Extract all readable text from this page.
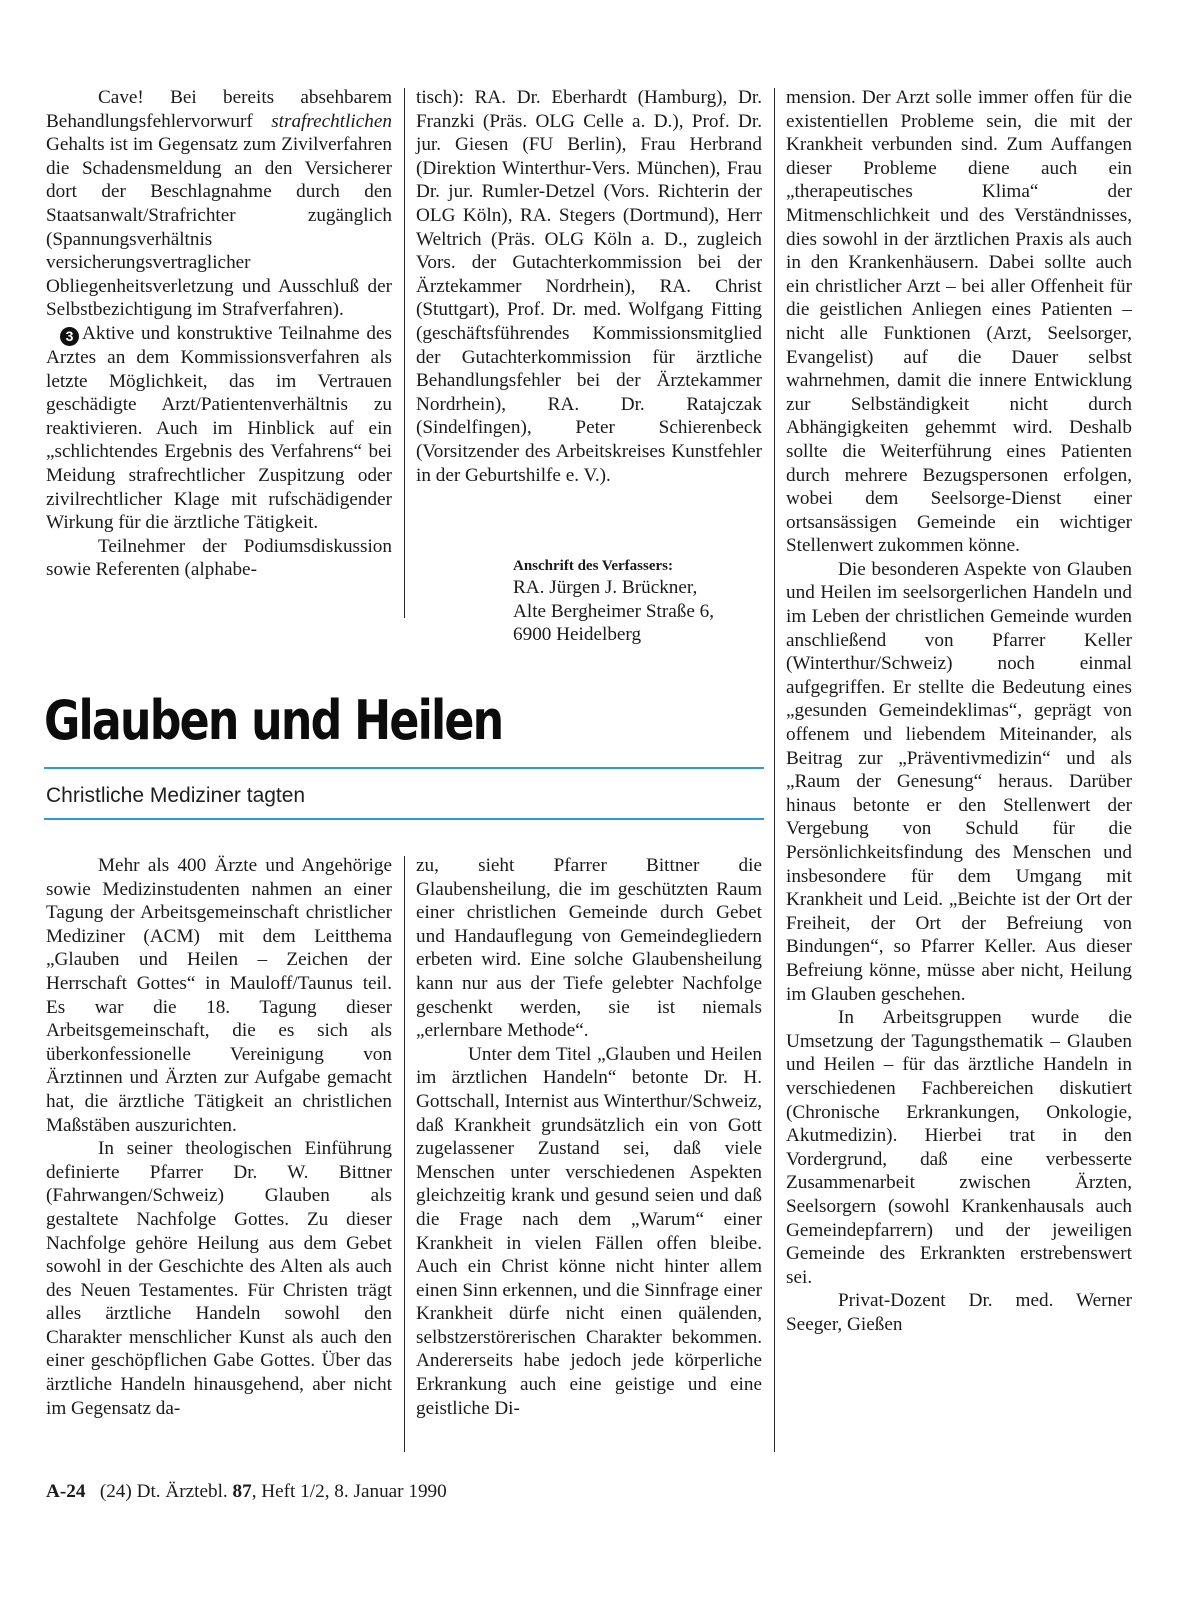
Cave! Bei bereits absehbarem Behandlungsfehlervorwurf strafrechtlichen Gehalts ist im Gegensatz zum Zivilverfahren die Schadensmeldung an den Versicherer dort der Beschlagnahme durch den Staatsanwalt/Strafrichter zugänglich (Spannungsverhältnis versicherungsvertraglicher Obliegenheitsverletzung und Ausschluß der Selbstbezichtigung im Strafverfahren).

3 Aktive und konstruktive Teilnahme des Arztes an dem Kommissionsverfahren als letzte Möglichkeit, das im Vertrauen geschädigte Arzt/Patientenverhältnis zu reaktivieren. Auch im Hinblick auf ein „schlichtendes Ergebnis des Verfahrens“ bei Meidung strafrechtlicher Zuspitzung oder zivilrechtlicher Klage mit rufschädigender Wirkung für die ärztliche Tätigkeit.

Teilnehmer der Podiumsdiskussion sowie Referenten (alphabe-

tisch): RA. Dr. Eberhardt (Hamburg), Dr. Franzki (Präs. OLG Celle a. D.), Prof. Dr. jur. Giesen (FU Berlin), Frau Herbrand (Direktion Winterthur-Vers. München), Frau Dr. jur. Rumler-Detzel (Vors. Richterin der OLG Köln), RA. Stegers (Dortmund), Herr Weltrich (Präs. OLG Köln a. D., zugleich Vors. der Gutachterkommission bei der Ärztekammer Nordrhein), RA. Christ (Stuttgart), Prof. Dr. med. Wolfgang Fitting (geschäftsführendes Kommissionsmitglied der Gutachterkommission für ärztliche Behandlungsfehler bei der Ärztekammer Nordrhein), RA. Dr. Ratajczak (Sindelfingen), Peter Schierenbeck (Vorsitzender des Arbeitskreises Kunstfehler in der Geburtshilfe e. V.).

Anschrift des Verfassers:
RA. Jürgen J. Brückner,
Alte Bergheimer Straße 6,
6900 Heidelberg
Glauben und Heilen
Christliche Mediziner tagten

Mehr als 400 Ärzte und Angehörige sowie Medizinstudenten nahmen an einer Tagung der Arbeitsgemeinschaft christlicher Mediziner (ACM) mit dem Leitthema „Glauben und Heilen – Zeichen der Herrschaft Gottes“ in Mauloff/Taunus teil. Es war die 18. Tagung dieser Arbeitsgemeinschaft, die es sich als überkonfessionelle Vereinigung von Ärztinnen und Ärzten zur Aufgabe gemacht hat, die ärztliche Tätigkeit an christlichen Maßstäben auszurichten.

In seiner theologischen Einführung definierte Pfarrer Dr. W. Bittner (Fahrwangen/Schweiz) Glauben als gestaltete Nachfolge Gottes. Zu dieser Nachfolge gehöre Heilung aus dem Gebet sowohl in der Geschichte des Alten als auch des Neuen Testamentes. Für Christen trägt alles ärztliche Handeln sowohl den Charakter menschlicher Kunst als auch den einer geschöpflichen Gabe Gottes. Über das ärztliche Handeln hinausgehend, aber nicht im Gegensatz da-

zu, sieht Pfarrer Bittner die Glaubensheilung, die im geschützten Raum einer christlichen Gemeinde durch Gebet und Handauflegung von Gemeindegliedern erbeten wird. Eine solche Glaubensheilung kann nur aus der Tiefe gelebter Nachfolge geschenkt werden, sie ist niemals „erlernbare Methode“.

Unter dem Titel „Glauben und Heilen im ärztlichen Handeln“ betonte Dr. H. Gottschall, Internist aus Winterthur/Schweiz, daß Krankheit grundsätzlich ein von Gott zugelassener Zustand sei, daß viele Menschen unter verschiedenen Aspekten gleichzeitig krank und gesund seien und daß die Frage nach dem „Warum“ einer Krankheit in vielen Fällen offen bleibe. Auch ein Christ könne nicht hinter allem einen Sinn erkennen, und die Sinnfrage einer Krankheit dürfe nicht einen quälenden, selbstzerstörerischen Charakter bekommen. Andererseits habe jedoch jede körperliche Erkrankung auch eine geistige und eine geistliche Di-

mension. Der Arzt solle immer offen für die existentiellen Probleme sein, die mit der Krankheit verbunden sind. Zum Auffangen dieser Probleme diene auch ein „therapeutisches Klima“ der Mitmenschlichkeit und des Verständnisses, dies sowohl in der ärztlichen Praxis als auch in den Krankenhäusern. Dabei sollte auch ein christlicher Arzt – bei aller Offenheit für die geistlichen Anliegen eines Patienten – nicht alle Funktionen (Arzt, Seelsorger, Evangelist) auf die Dauer selbst wahrnehmen, damit die innere Entwicklung zur Selbständigkeit nicht durch Abhängigkeiten gehemmt wird. Deshalb sollte die Weiterführung eines Patienten durch mehrere Bezugspersonen erfolgen, wobei dem Seelsorge-Dienst einer ortsansässigen Gemeinde ein wichtiger Stellenwert zukommen könne.

Die besonderen Aspekte von Glauben und Heilen im seelsorgerlichen Handeln und im Leben der christlichen Gemeinde wurden anschließend von Pfarrer Keller (Winterthur/Schweiz) noch einmal aufgegriffen. Er stellte die Bedeutung eines „gesunden Gemeindeklimas“, geprägt von offenem und liebendem Miteinander, als Beitrag zur „Präventivmedizin“ und als „Raum der Genesung“ heraus. Darüber hinaus betonte er den Stellenwert der Vergebung von Schuld für die Persönlichkeitsfindung des Menschen und insbesondere für dem Umgang mit Krankheit und Leid. „Beichte ist der Ort der Freiheit, der Ort der Befreiung von Bindungen“, so Pfarrer Keller. Aus dieser Befreiung könne, müsse aber nicht, Heilung im Glauben geschehen.

In Arbeitsgruppen wurde die Umsetzung der Tagungsthematik – Glauben und Heilen – für das ärztliche Handeln in verschiedenen Fachbereichen diskutiert (Chronische Erkrankungen, Onkologie, Akutmedizin). Hierbei trat in den Vordergrund, daß eine verbesserte Zusammenarbeit zwischen Ärzten, Seelsorgern (sowohl Krankenhausals auch Gemeindepfarrern) und der jeweiligen Gemeinde des Erkrankten erstrebenswert sei.

Privat-Dozent Dr. med. Werner Seeger, Gießen

A-24 (24) Dt. Ärztebl. 87, Heft 1/2, 8. Januar 1990
